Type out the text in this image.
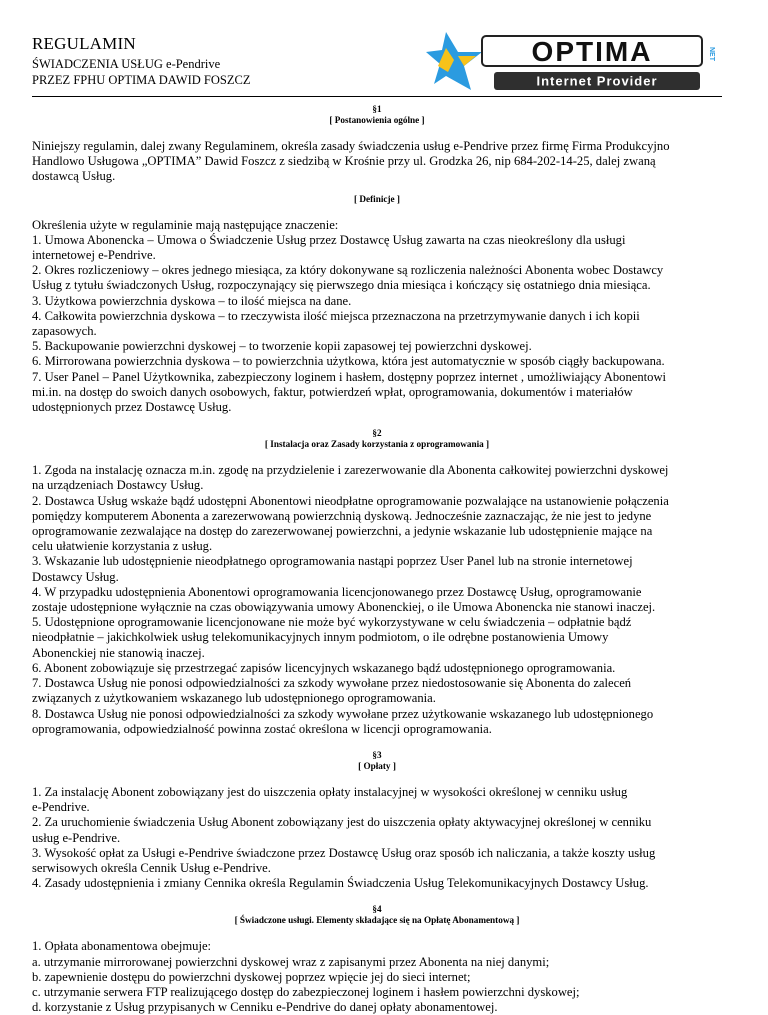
REGULAMIN
ŚWIADCZENIA USŁUG e-Pendrive
PRZEZ FPHU OPTIMA DAWID FOSZCZ
OPTIMA	NET
Internet Provider
§1
[ Postanowienia ogólne ]
Niniejszy regulamin, dalej zwany Regulaminem, określa zasady świadczenia usług e-Pendrive przez firmę Firma Produkcyjno
Handlowo Usługowa „OPTIMA” Dawid Foszcz z siedzibą w Krośnie przy ul. Grodzka 26, nip 684-202-14-25, dalej zwaną
dostawcą Usług.
[ Definicje ]
Określenia użyte w regulaminie mają następujące znaczenie:
1. Umowa Abonencka – Umowa o Świadczenie Usług przez Dostawcę Usług zawarta na czas nieokreślony dla usługi
internetowej e-Pendrive.
2. Okres rozliczeniowy – okres jednego miesiąca, za który dokonywane są rozliczenia należności Abonenta wobec Dostawcy
Usług z tytułu świadczonych Usług, rozpoczynający się pierwszego dnia miesiąca i kończący się ostatniego dnia miesiąca.
3. Użytkowa powierzchnia dyskowa – to ilość miejsca na dane.
4. Całkowita powierzchnia dyskowa – to rzeczywista ilość miejsca przeznaczona na przetrzymywanie danych i ich kopii
zapasowych.
5. Backupowanie powierzchni dyskowej – to tworzenie kopii zapasowej tej powierzchni dyskowej.
6. Mirrorowana powierzchnia dyskowa – to powierzchnia użytkowa, która jest automatycznie w sposób ciągły backupowana.
7. User Panel – Panel Użytkownika, zabezpieczony loginem i hasłem, dostępny poprzez internet , umożliwiający Abonentowi
mi.in. na dostęp do swoich danych osobowych, faktur, potwierdzeń wpłat, oprogramowania, dokumentów i materiałów
udostępnionych przez Dostawcę Usług.
§2
[ Instalacja oraz Zasady korzystania z oprogramowania ]
1. Zgoda na instalację oznacza m.in. zgodę na przydzielenie i zarezerwowanie dla Abonenta całkowitej powierzchni dyskowej
na urządzeniach Dostawcy Usług.
2. Dostawca Usług wskaże bądź udostępni Abonentowi nieodpłatne oprogramowanie pozwalające na ustanowienie połączenia
pomiędzy komputerem Abonenta a zarezerwowaną powierzchnią dyskową. Jednocześnie zaznaczając, że nie jest to jedyne
oprogramowanie zezwalające na dostęp do zarezerwowanej powierzchni, a jedynie wskazanie lub udostępnienie mające na
celu ułatwienie korzystania z usług.
3. Wskazanie lub udostępnienie nieodpłatnego oprogramowania nastąpi poprzez User Panel lub na stronie internetowej
Dostawcy Usług.
4. W przypadku udostępnienia Abonentowi oprogramowania licencjonowanego przez Dostawcę Usług, oprogramowanie
zostaje udostępnione wyłącznie na czas obowiązywania umowy Abonenckiej, o ile Umowa Abonencka nie stanowi inaczej.
5. Udostępnione oprogramowanie licencjonowane nie może być wykorzystywane w celu świadczenia – odpłatnie bądź
nieodpłatnie – jakichkolwiek usług telekomunikacyjnych innym podmiotom, o ile odrębne postanowienia Umowy
Abonenckiej nie stanowią inaczej.
6. Abonent zobowiązuje się przestrzegać zapisów licencyjnych wskazanego bądź udostępnionego oprogramowania.
7. Dostawca Usług nie ponosi odpowiedzialności za szkody wywołane przez niedostosowanie się Abonenta do zaleceń
związanych z użytkowaniem wskazanego lub udostępnionego oprogramowania.
8. Dostawca Usług nie ponosi odpowiedzialności za szkody wywołane przez użytkowanie wskazanego lub udostępnionego
oprogramowania, odpowiedzialność powinna zostać określona w licencji oprogramowania.
§3
[ Opłaty ]
1. Za instalację Abonent zobowiązany jest do uiszczenia opłaty instalacyjnej w wysokości określonej w cenniku usług
e-Pendrive.
2. Za uruchomienie świadczenia Usług Abonent zobowiązany jest do uiszczenia opłaty aktywacyjnej określonej w cenniku
usług e-Pendrive.
3. Wysokość opłat za Usługi e-Pendrive świadczone przez Dostawcę Usług oraz sposób ich naliczania, a także koszty usług
serwisowych określa Cennik Usług e-Pendrive.
4. Zasady udostępnienia i zmiany Cennika określa Regulamin Świadczenia Usług Telekomunikacyjnych Dostawcy Usług.
§4
[ Świadczone usługi. Elementy składające się na Opłatę Abonamentową ]
1. Opłata abonamentowa obejmuje:
a. utrzymanie mirrorowanej powierzchni dyskowej wraz z zapisanymi przez Abonenta na niej danymi;
b. zapewnienie dostępu do powierzchni dyskowej poprzez wpięcie jej do sieci internet;
c. utrzymanie serwera FTP realizującego dostęp do zabezpieczonej loginem i hasłem powierzchni dyskowej;
d. korzystanie z Usług przypisanych w Cenniku e-Pendrive do danej opłaty abonamentowej.
